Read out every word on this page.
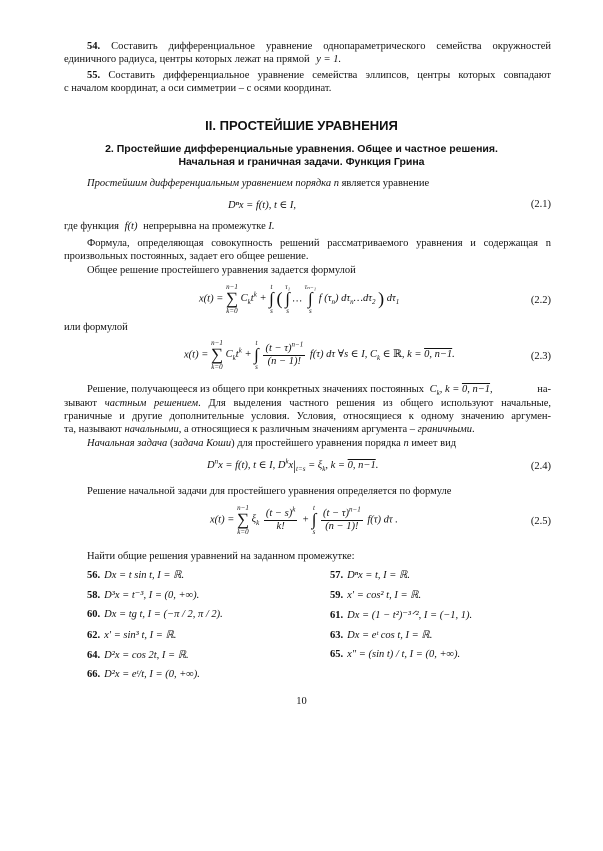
54. Составить дифференциальное уравнение однопараметрического семейства окружностей
единичного радиуса, центры которых лежат на прямой y = 1.
55. Составить дифференциальное уравнение семейства эллипсов, центры которых совпадают
с началом координат, а оси симметрии – с осями координат.
II. ПРОСТЕЙШИЕ УРАВНЕНИЯ
2. Простейшие дифференциальные уравнения. Общее и частное решения.
Начальная и граничная задачи. Функция Грина
Простейшим дифференциальным уравнением порядка n является уравнение
Dⁿx = f(t), t ∈ I,	(2.1)
где функция f(t) непрерывна на промежутке I.
Формула, определяющая совокупность решений рассматриваемого уравнения и содержащая n
произвольных постоянных, задает его общее решение.
Общее решение простейшего уравнения задается формулой
x(t) =
n−1
∑
k=0
$C_kt^k$ +
t
∫
s
(
τ₁
∫
s
…
τₙ₋₁
∫
s
f $(\tau_n)$ $d\tau_n\dots d\tau_2$ ) $d\tau_1$	(2.2)
или формулой
x(t) =
n−1
∑
k=0
$C_kt^k$ +
t
∫
s
$\frac{(t - \tau)^{n-1}}{(n - 1)!} f(\tau)$ dτ ∀s ∈ I, $C_k$ ∈ ℝ, k = 0, n−1.	(2.3)
Решение, получающееся из общего при конкретных значениях постоянных $C_k$, k = 0, n−1,	на-
зывают частным решением. Для выделения частного решения из общего используют начальные,
граничные и другие дополнительные условия. Условия, относящиеся к одному значению аргумен-
та, называют начальными, а относящиеся к различным значениям аргумента – граничными.
Начальная задача (задача Коши) для простейшего уравнения порядка n имеет вид
$D^nx = f(t)$, t ∈ I, $D^kx|_{t=s} = \xi_k$, k = 0, n−1.	(2.4)
Решение начальной задачи для простейшего уравнения определяется по формуле
x(t) =
n−1
∑
k=0
$\xi_k \frac{(t - s)^k}{k!}$ +
t
∫
s
$\frac{(t - \tau)^{n-1}}{(n - 1)!} f(\tau)$ dτ .	(2.5)
Найти общие решения уравнений на заданном промежутке:
56. Dx = t sin t, I = ℝ.	57. Dⁿx = t, I = ℝ.
58. D³x = t⁻³, I = (0, +∞).	59. x′ = cos² t, I = ℝ.
60. Dx = tg t, I = (−π / 2, π / 2).	61. Dx = (1 − t²)⁻³ᐟ², I = (−1, 1).
62. x′ = sin³ t, I = ℝ.	63. Dx = eᵗ cos t, I = ℝ.
64. D²x = cos 2t, I = ℝ.	65. x″ = (sin t) / t, I = (0, +∞).
66. D²x = eᵗ/t, I = (0, +∞).
10
